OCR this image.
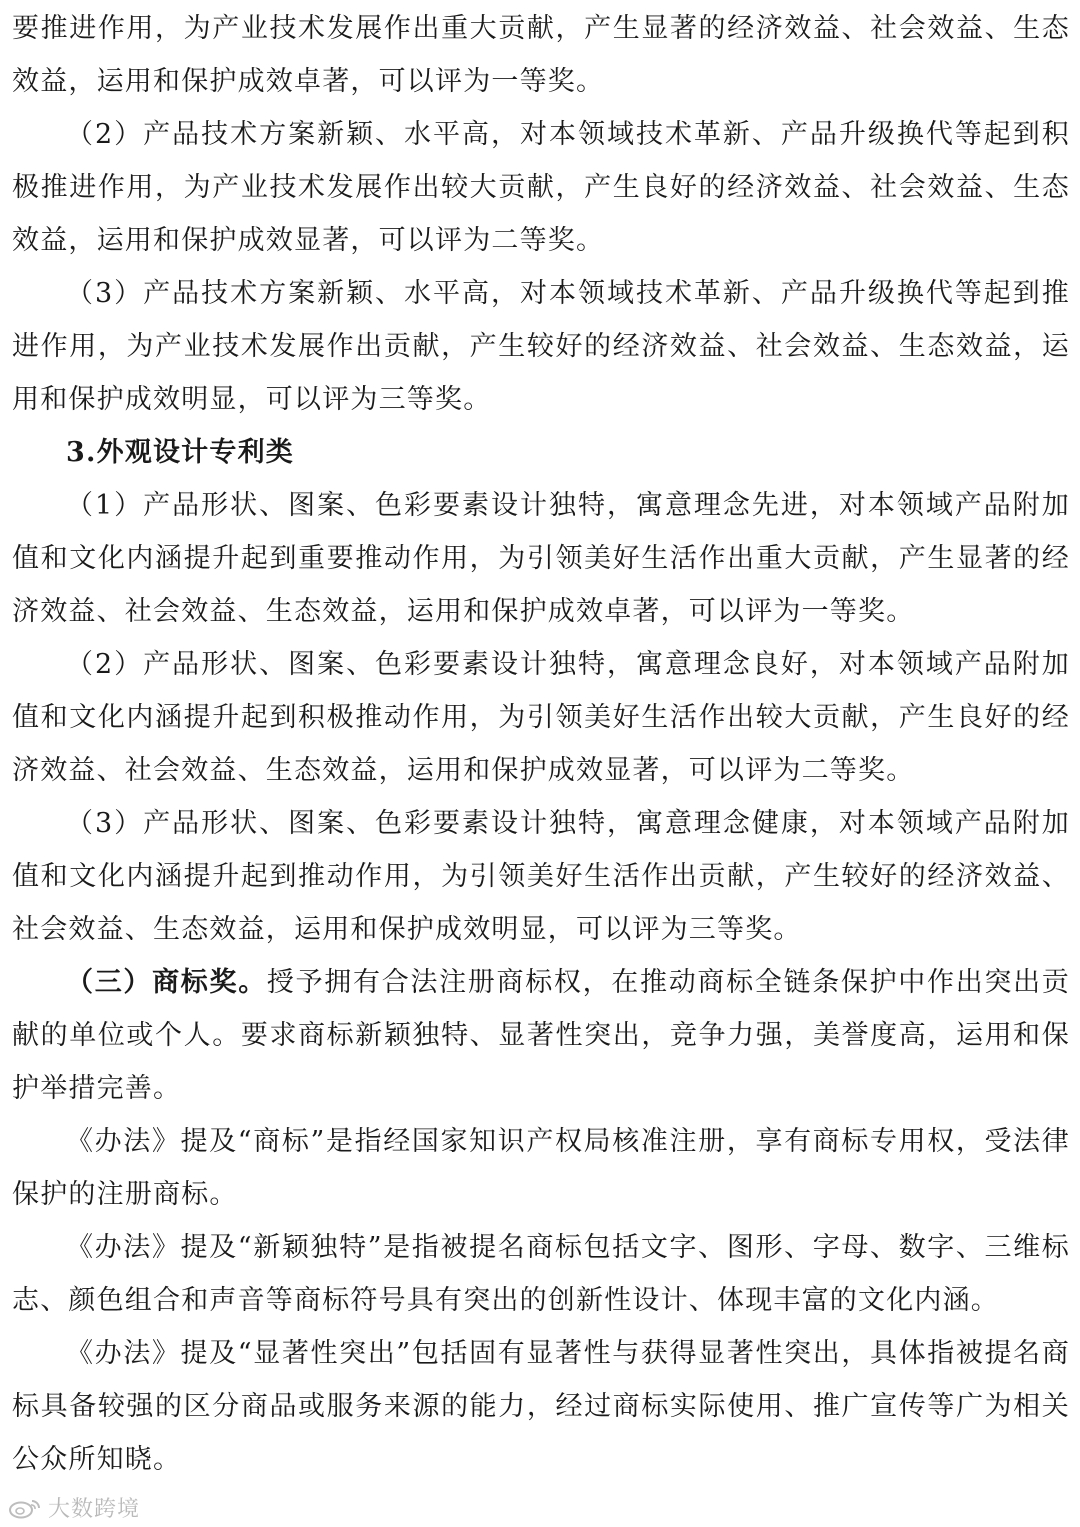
要推进作用，为产业技术发展作出重大贡献，产生显著的经济效益、社会效益、生态效益，运用和保护成效卓著，可以评为一等奖。

（2）产品技术方案新颖、水平高，对本领域技术革新、产品升级换代等起到积极推进作用，为产业技术发展作出较大贡献，产生良好的经济效益、社会效益、生态效益，运用和保护成效显著，可以评为二等奖。

（3）产品技术方案新颖、水平高，对本领域技术革新、产品升级换代等起到推进作用，为产业技术发展作出贡献，产生较好的经济效益、社会效益、生态效益，运用和保护成效明显，可以评为三等奖。

3.外观设计专利类

（1）产品形状、图案、色彩要素设计独特，寓意理念先进，对本领域产品附加值和文化内涵提升起到重要推动作用，为引领美好生活作出重大贡献，产生显著的经济效益、社会效益、生态效益，运用和保护成效卓著，可以评为一等奖。

（2）产品形状、图案、色彩要素设计独特，寓意理念良好，对本领域产品附加值和文化内涵提升起到积极推动作用，为引领美好生活作出较大贡献，产生良好的经济效益、社会效益、生态效益，运用和保护成效显著，可以评为二等奖。

（3）产品形状、图案、色彩要素设计独特，寓意理念健康，对本领域产品附加值和文化内涵提升起到推动作用，为引领美好生活作出贡献，产生较好的经济效益、社会效益、生态效益，运用和保护成效明显，可以评为三等奖。

（三）商标奖。授予拥有合法注册商标权，在推动商标全链条保护中作出突出贡献的单位或个人。要求商标新颖独特、显著性突出，竞争力强，美誉度高，运用和保护举措完善。

《办法》提及“商标”是指经国家知识产权局核准注册，享有商标专用权，受法律保护的注册商标。

《办法》提及“新颖独特”是指被提名商标包括文字、图形、字母、数字、三维标志、颜色组合和声音等商标符号具有突出的创新性设计、体现丰富的文化内涵。

《办法》提及“显著性突出”包括固有显著性与获得显著性突出，具体指被提名商标具备较强的区分商品或服务来源的能力，经过商标实际使用、推广宣传等广为相关公众所知晓。

大数跨境
